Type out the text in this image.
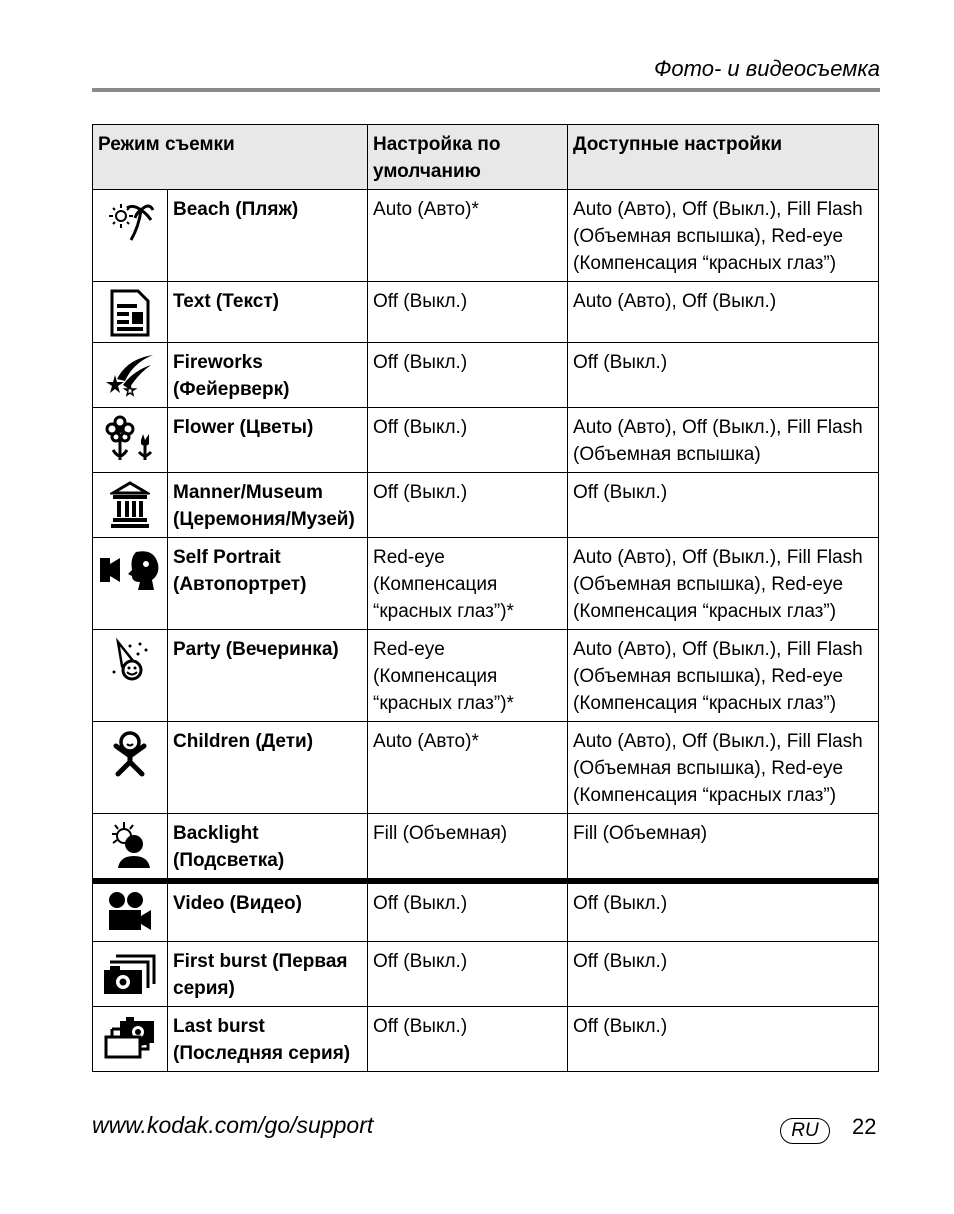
Фото- и видеосъемка
Режим съемки		Настройка по умолчанию	Доступные настройки

	Beach (Пляж)	Auto (Авто)*	Auto (Авто), Off (Выкл.), Fill Flash (Объемная вспышка), Red-eye (Компенсация “красных глаз”)

	Text (Текст)	Off (Выкл.)	Auto (Авто), Off (Выкл.)

	Fireworks (Фейерверк)	Off (Выкл.)	Off (Выкл.)

	Flower (Цветы)	Off (Выкл.)	Auto (Авто), Off (Выкл.), Fill Flash (Объемная вспышка)

	Manner/Museum (Церемония/Музей)	Off (Выкл.)	Off (Выкл.)

	Self Portrait (Автопортрет)	Red-eye (Компенсация “красных глаз”)*	Auto (Авто), Off (Выкл.), Fill Flash (Объемная вспышка), Red-eye (Компенсация “красных глаз”)

	Party (Вечеринка)	Red-eye (Компенсация “красных глаз”)*	Auto (Авто), Off (Выкл.), Fill Flash (Объемная вспышка), Red-eye (Компенсация “красных глаз”)

	Children (Дети)	Auto (Авто)*	Auto (Авто), Off (Выкл.), Fill Flash (Объемная вспышка), Red-eye (Компенсация “красных глаз”)

	Backlight (Подсветка)	Fill (Объемная)	Fill (Объемная)

	Video (Видео)	Off (Выкл.)	Off (Выкл.)

	First burst (Первая серия)	Off (Выкл.)	Off (Выкл.)

	Last burst (Последняя серия)	Off (Выкл.)	Off (Выкл.)
www.kodak.com/go/support	RU	22
